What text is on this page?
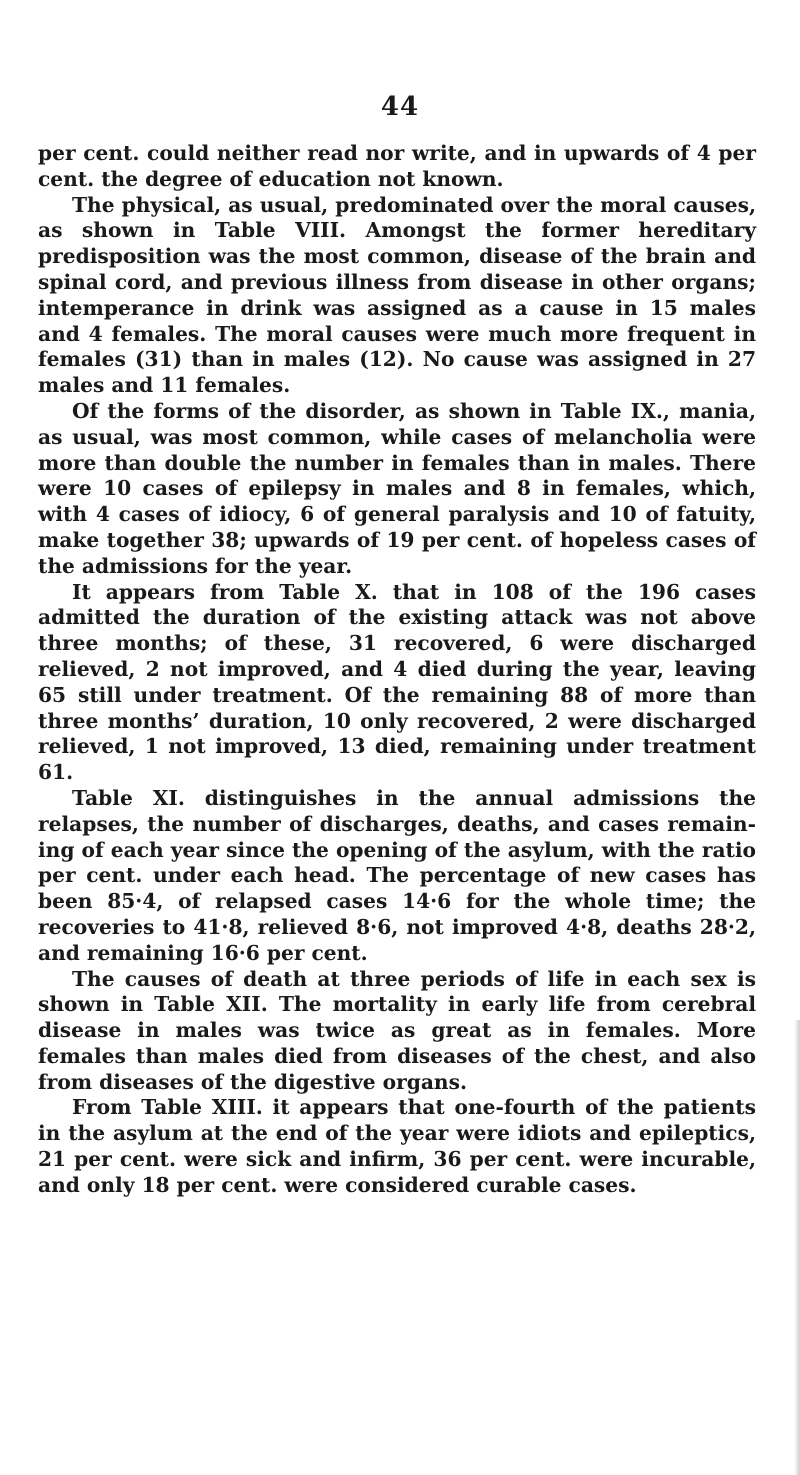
44

per cent. could neither read nor write, and in upwards of 4 per cent. the degree of education not known.

The physical, as usual, predominated over the moral causes, as shown in Table VIII. Amongst the former hereditary predisposition was the most common, disease of the brain and spinal cord, and previous illness from disease in other organs; intemperance in drink was assigned as a cause in 15 males and 4 females. The moral causes were much more frequent in females (31) than in males (12). No cause was assigned in 27 males and 11 females.

Of the forms of the disorder, as shown in Table IX., mania, as usual, was most common, while cases of melancholia were more than double the number in females than in males. There were 10 cases of epilepsy in males and 8 in females, which, with 4 cases of idiocy, 6 of general paralysis and 10 of fatuity, make together 38; upwards of 19 per cent. of hopeless cases of the admissions for the year.

It appears from Table X. that in 108 of the 196 cases admitted the duration of the existing attack was not above three months; of these, 31 recovered, 6 were discharged relieved, 2 not improved, and 4 died during the year, leaving 65 still under treatment. Of the remaining 88 of more than three months’ duration, 10 only recovered, 2 were discharged relieved, 1 not improved, 13 died, remaining under treatment 61.

Table XI. distinguishes in the annual admissions the relapses, the number of discharges, deaths, and cases remain- ing of each year since the opening of the asylum, with the ratio per cent. under each head. The percentage of new cases has been 85·4, of relapsed cases 14·6 for the whole time; the recoveries to 41·8, relieved 8·6, not improved 4·8, deaths 28·2, and remaining 16·6 per cent.

The causes of death at three periods of life in each sex is shown in Table XII. The mortality in early life from cerebral disease in males was twice as great as in females. More females than males died from diseases of the chest, and also from diseases of the digestive organs.

From Table XIII. it appears that one-fourth of the patients in the asylum at the end of the year were idiots and epileptics, 21 per cent. were sick and infirm, 36 per cent. were incurable, and only 18 per cent. were considered curable cases.
